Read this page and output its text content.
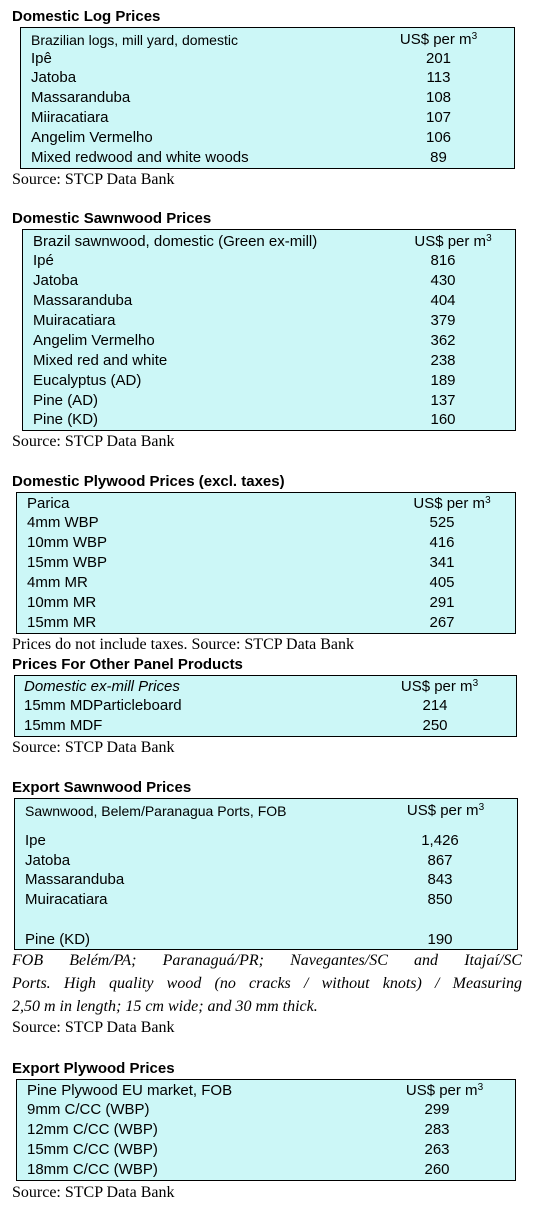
Domestic Log Prices
Brazilian logs, mill yard, domestic	US$ per $m^3$
Ipê	201
Jatoba	113
Massaranduba	108
Miiracatiara	107
Angelim Vermelho	106
Mixed redwood and white woods	89
Source: STCP Data Bank
Domestic Sawnwood Prices
Brazil sawnwood, domestic (Green ex-mill)	US$ per $m^3$
Ipé	816
Jatoba	430
Massaranduba	404
Muiracatiara	379
Angelim Vermelho	362
Mixed red and white	238
Eucalyptus (AD)	189
Pine (AD)	137
Pine (KD)	160
Source: STCP Data Bank
Domestic Plywood Prices (excl. taxes)
Parica	US$ per $m^3$
4mm WBP	525
10mm WBP	416
15mm WBP	341
4mm MR	405
10mm MR	291
15mm MR	267
Prices do not include taxes. Source: STCP Data Bank
Prices For Other Panel Products
Domestic ex-mill Prices	US$ per $m^3$
15mm MDParticleboard	214
15mm MDF	250
Source: STCP Data Bank
Export Sawnwood Prices
Sawnwood, Belem/Paranagua Ports, FOB	US$ per $m^3$
Ipe	1,426
Jatoba	867
Massaranduba	843
Muiracatiara	850
Pine (KD)	190
FOB Belém/PA; Paranaguá/PR; Navegantes/SC and Itajaí/SC
Ports. High quality wood (no cracks / without knots) / Measuring
2,50 m in length; 15 cm wide; and 30 mm thick.
Source: STCP Data Bank
Export Plywood Prices
Pine Plywood EU market, FOB	US$ per $m^3$
9mm C/CC (WBP)	299
12mm C/CC (WBP)	283
15mm C/CC (WBP)	263
18mm C/CC (WBP)	260
Source: STCP Data Bank
